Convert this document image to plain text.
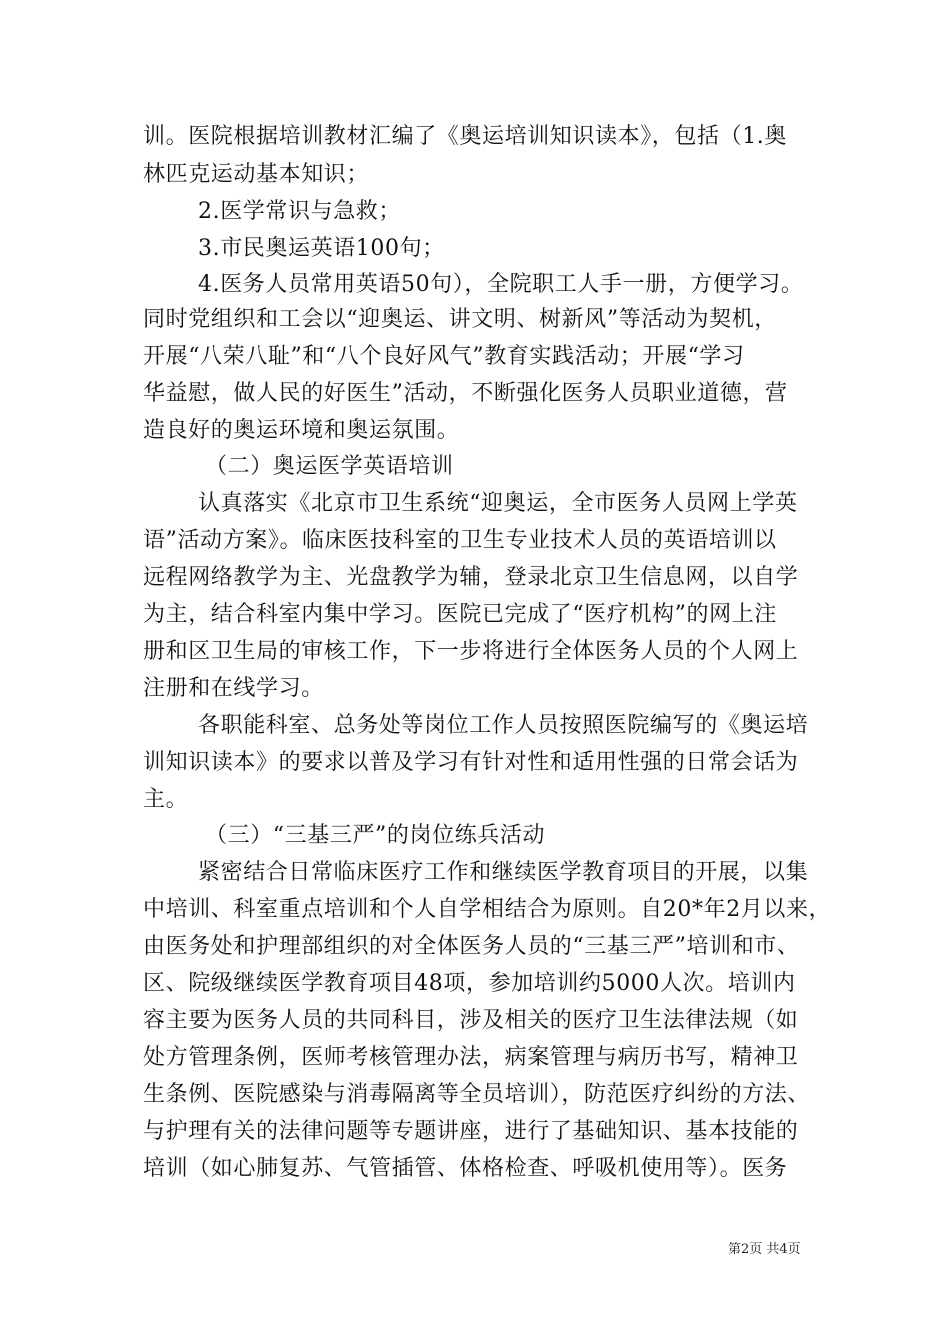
训。医院根据培训教材汇编了《奥运培训知识读本》，包括（1.奥
林匹克运动基本知识；
2.医学常识与急救；
3.市民奥运英语100句；
4.医务人员常用英语50句），全院职工人手一册，方便学习。
同时党组织和工会以“迎奥运、讲文明、树新风”等活动为契机，
开展“八荣八耻”和“八个良好风气”教育实践活动；开展“学习
华益慰，做人民的好医生”活动，不断强化医务人员职业道德，营
造良好的奥运环境和奥运氛围。
（二）奥运医学英语培训
认真落实《北京市卫生系统“迎奥运，全市医务人员网上学英
语”活动方案》。临床医技科室的卫生专业技术人员的英语培训以
远程网络教学为主、光盘教学为辅，登录北京卫生信息网，以自学
为主，结合科室内集中学习。医院已完成了“医疗机构”的网上注
册和区卫生局的审核工作，下一步将进行全体医务人员的个人网上
注册和在线学习。
各职能科室、总务处等岗位工作人员按照医院编写的《奥运培
训知识读本》的要求以普及学习有针对性和适用性强的日常会话为
主。
（三）“三基三严”的岗位练兵活动
紧密结合日常临床医疗工作和继续医学教育项目的开展，以集
中培训、科室重点培训和个人自学相结合为原则。自20*年2月以来，
由医务处和护理部组织的对全体医务人员的“三基三严”培训和市、
区、院级继续医学教育项目48项，参加培训约5000人次。培训内
容主要为医务人员的共同科目，涉及相关的医疗卫生法律法规（如
处方管理条例，医师考核管理办法，病案管理与病历书写，精神卫
生条例、医院感染与消毒隔离等全员培训），防范医疗纠纷的方法、
与护理有关的法律问题等专题讲座，进行了基础知识、基本技能的
培训（如心肺复苏、气管插管、体格检查、呼吸机使用等）。医务
第2页 共4页
